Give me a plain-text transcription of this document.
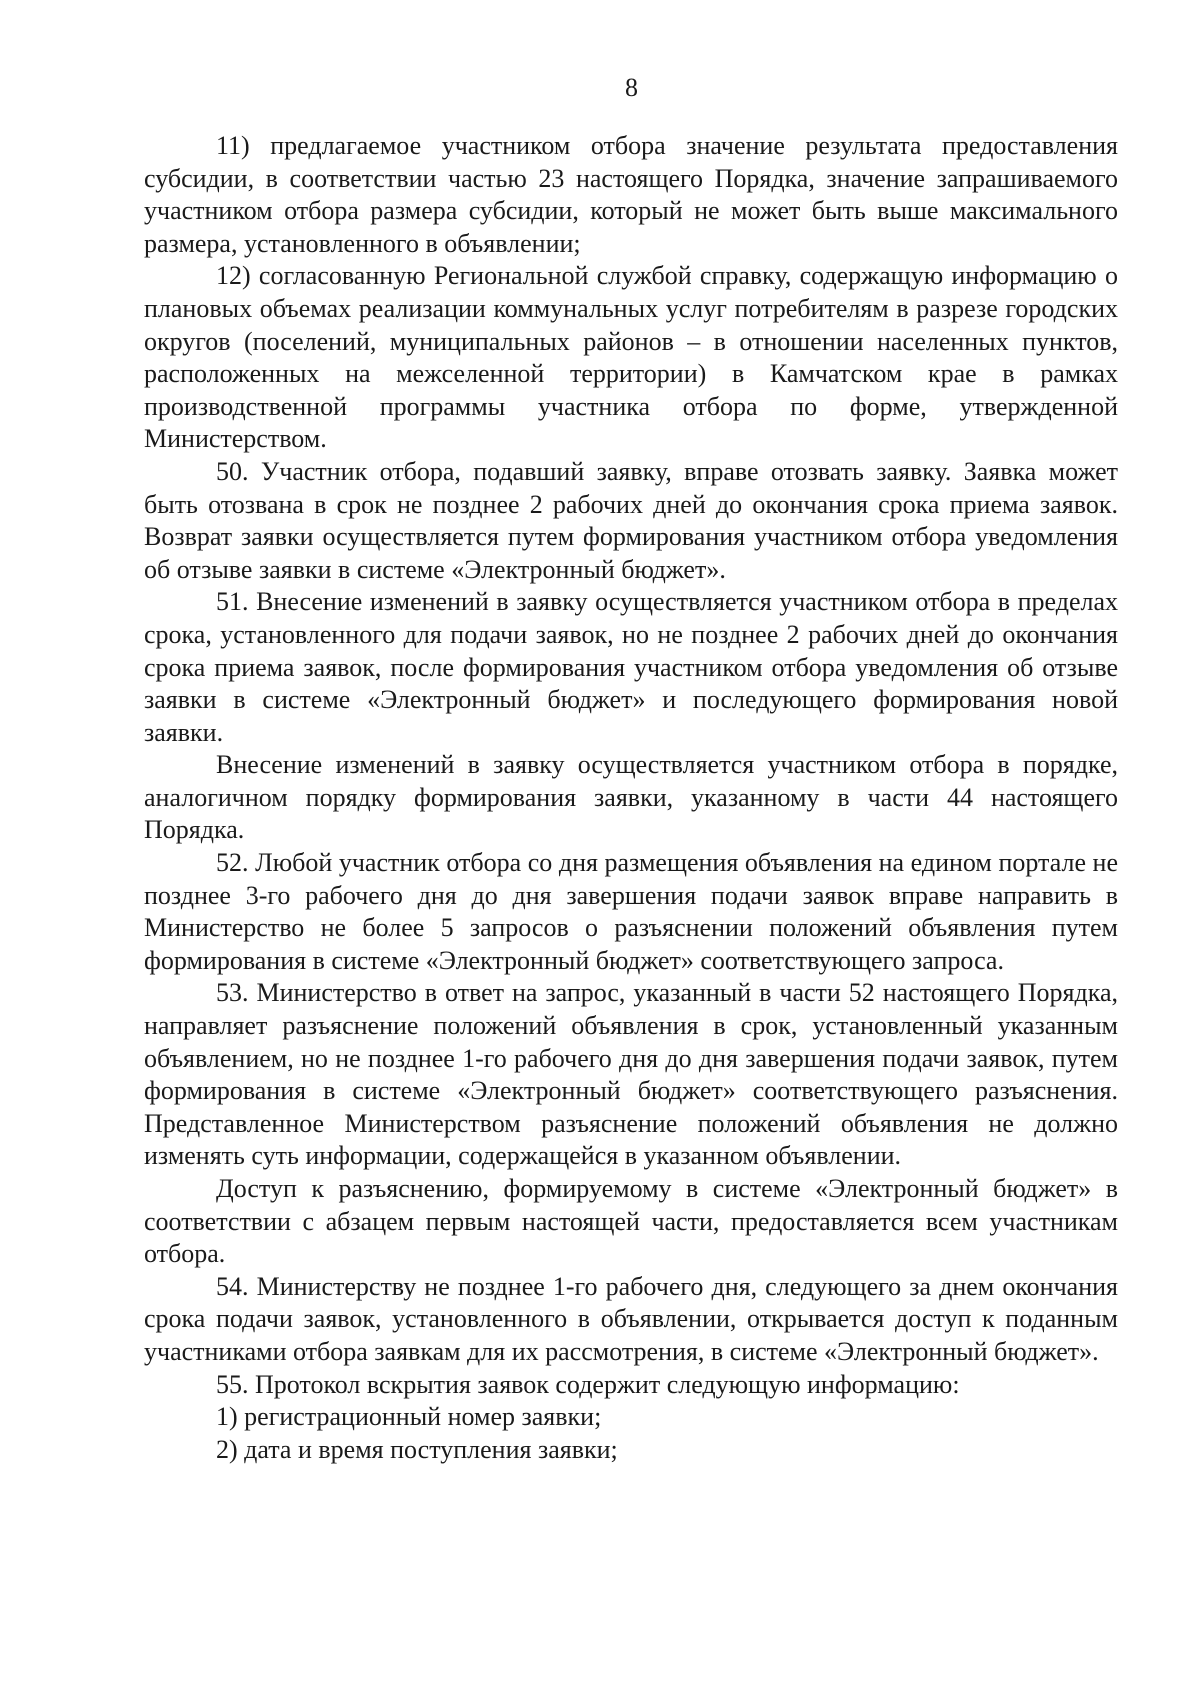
8

11) предлагаемое участником отбора значение результата предоставления субсидии, в соответствии частью 23 настоящего Порядка, значение запрашиваемого участником отбора размера субсидии, который не может быть выше максимального размера, установленного в объявлении;

12) согласованную Региональной службой справку, содержащую информацию о плановых объемах реализации коммунальных услуг потребителям в разрезе городских округов (поселений, муниципальных районов – в отношении населенных пунктов, расположенных на межселенной территории) в Камчатском крае в рамках производственной программы участника отбора по форме, утвержденной Министерством.

50. Участник отбора, подавший заявку, вправе отозвать заявку. Заявка может быть отозвана в срок не позднее 2 рабочих дней до окончания срока приема заявок. Возврат заявки осуществляется путем формирования участником отбора уведомления об отзыве заявки в системе «Электронный бюджет».

51. Внесение изменений в заявку осуществляется участником отбора в пределах срока, установленного для подачи заявок, но не позднее 2 рабочих дней до окончания срока приема заявок, после формирования участником отбора уведомления об отзыве заявки в системе «Электронный бюджет» и последующего формирования новой заявки.

Внесение изменений в заявку осуществляется участником отбора в порядке, аналогичном порядку формирования заявки, указанному в части 44 настоящего Порядка.

52. Любой участник отбора со дня размещения объявления на едином портале не позднее 3-го рабочего дня до дня завершения подачи заявок вправе направить в Министерство не более 5 запросов о разъяснении положений объявления путем формирования в системе «Электронный бюджет» соответствующего запроса.

53. Министерство в ответ на запрос, указанный в части 52 настоящего Порядка, направляет разъяснение положений объявления в срок, установленный указанным объявлением, но не позднее 1-го рабочего дня до дня завершения подачи заявок, путем формирования в системе «Электронный бюджет» соответствующего разъяснения. Представленное Министерством разъяснение положений объявления не должно изменять суть информации, содержащейся в указанном объявлении.

Доступ к разъяснению, формируемому в системе «Электронный бюджет» в соответствии с абзацем первым настоящей части, предоставляется всем участникам отбора.

54. Министерству не позднее 1-го рабочего дня, следующего за днем окончания срока подачи заявок, установленного в объявлении, открывается доступ к поданным участниками отбора заявкам для их рассмотрения, в системе «Электронный бюджет».

55. Протокол вскрытия заявок содержит следующую информацию:

1) регистрационный номер заявки;

2) дата и время поступления заявки;
